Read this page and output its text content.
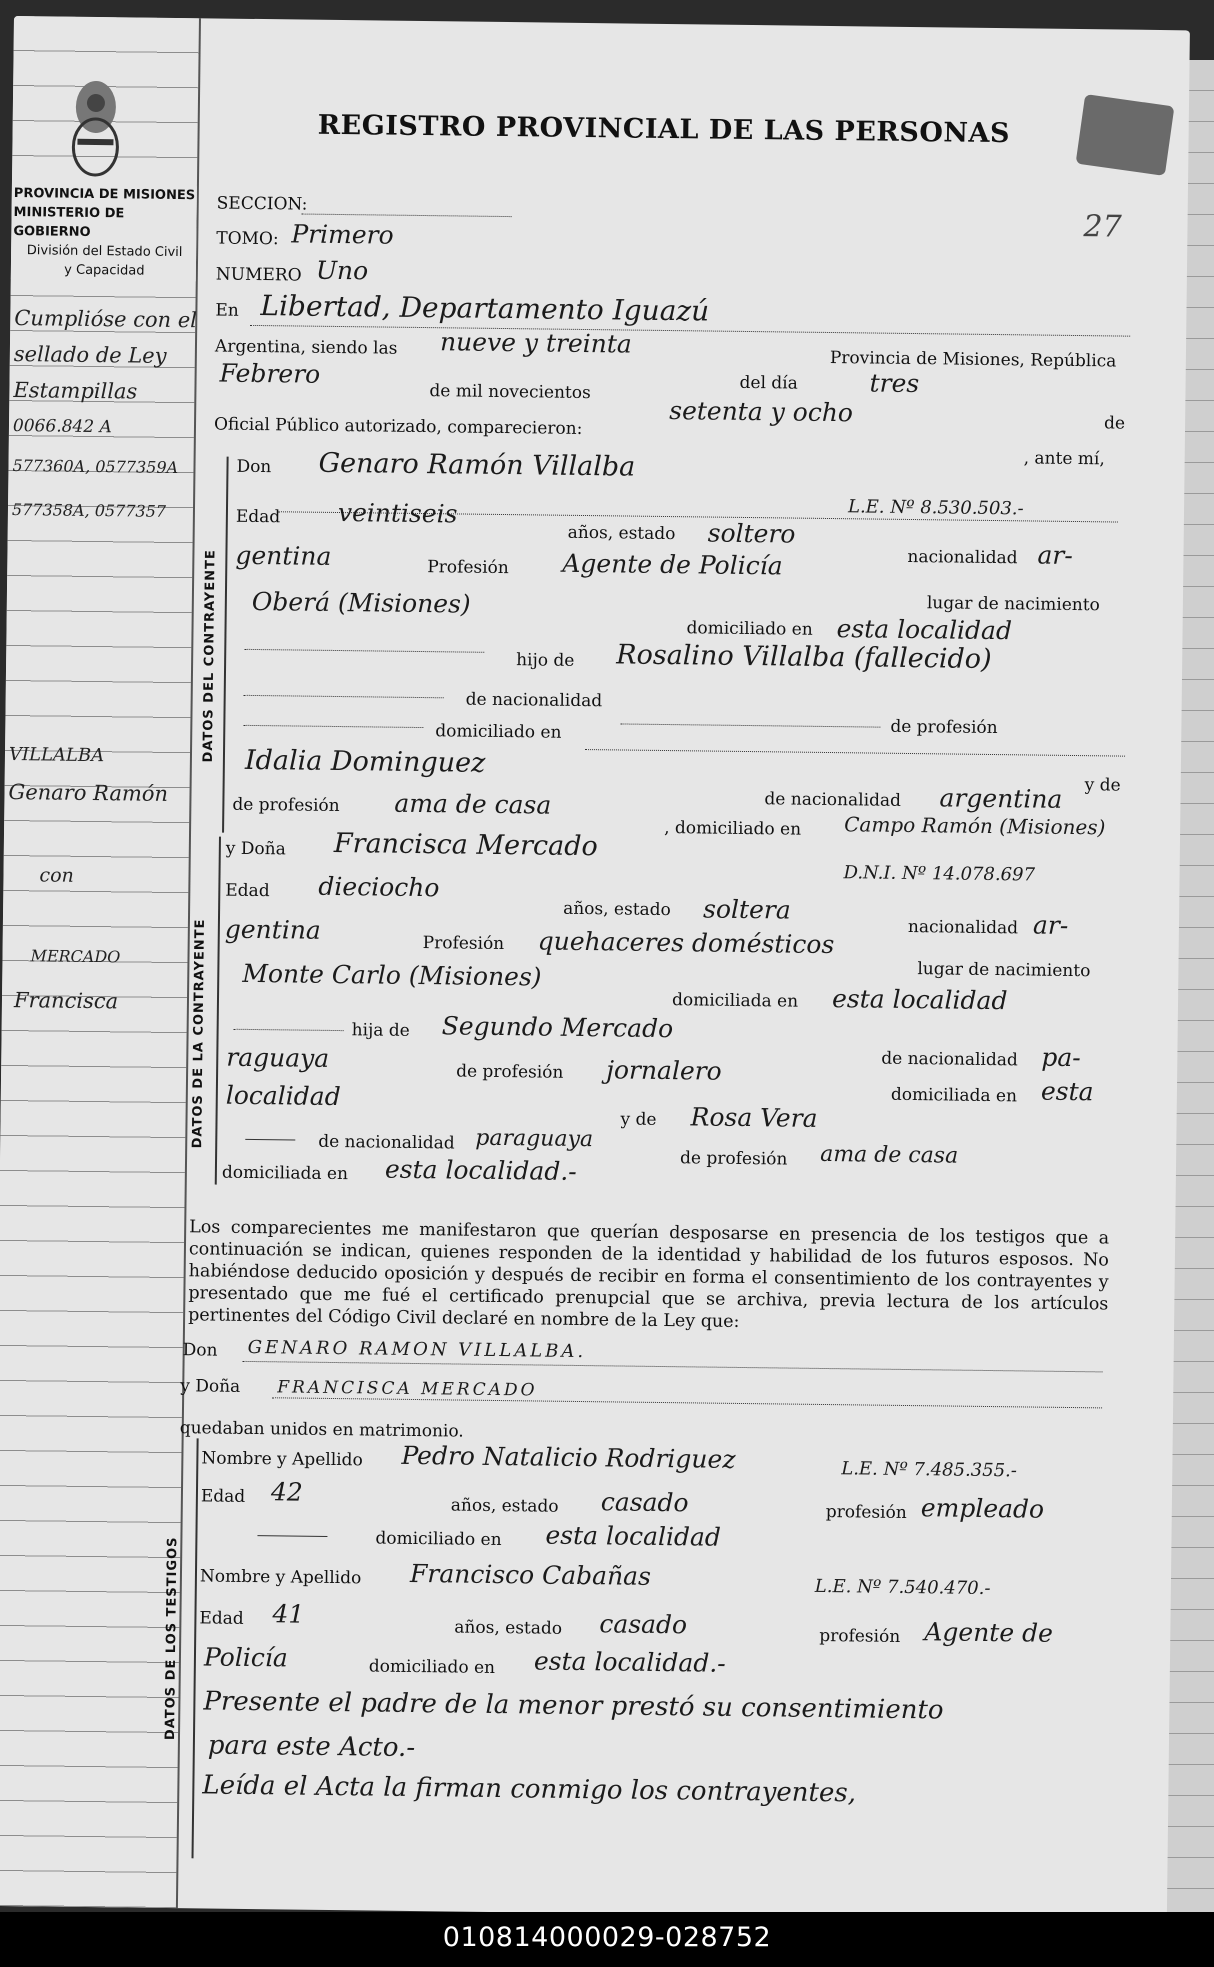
PROVINCIA DE MISIONES
MINISTERIO DE GOBIERNO
División del Estado Civil
y Capacidad
Cumplióse con el
sellado de Ley
Estampillas
0066.842 A
577360A, 0577359A
577358A, 0577357
VILLALBA
Genaro Ramón
con
MERCADO
Francisca
REGISTRO PROVINCIAL DE LAS PERSONAS
27
SECCION:
TOMO: Primero
NUMERO Uno
En Libertad, Departamento Iguazú
Argentina, siendo las nueve y treinta
Provincia de Misiones, República
Febrero
de mil novecientos	del día	tres
setenta y ocho	de
Oficial Público autorizado, comparecieron:
, ante mí,
DATOS DEL CONTRAYENTE
Don Genaro Ramón Villalba
L.E. Nº 8.530.503.-
Edad veintiseis
años, estado soltero
nacionalidad ar-
gentina	Profesión Agente de Policía
lugar de nacimiento
Oberá (Misiones)
domiciliado en esta localidad
hijo de Rosalino Villalba (fallecido)
de nacionalidad
de profesión
domiciliado en
Idalia Dominguez
y de
de nacionalidad argentina
de profesión ama de casa
, domiciliado en Campo Ramón (Misiones)
DATOS DE LA CONTRAYENTE
y Doña Francisca Mercado
D.N.I. Nº 14.078.697
Edad dieciocho
años, estado soltera
nacionalidad ar-
gentina	Profesión quehaceres domésticos
lugar de nacimiento
Monte Carlo (Misiones)
domiciliada en esta localidad
hija de Segundo Mercado
de nacionalidad pa-
raguaya	de profesión jornalero
domiciliada en esta
localidad
y de Rosa Vera
de nacionalidad paraguaya
de profesión ama de casa
domiciliada en esta localidad.-
Los comparecientes me manifestaron que querían desposarse en presencia de los testigos que a continuación se indican, quienes responden de la identidad y habilidad de los futuros esposos. No habiéndose deducido oposición y después de recibir en forma el consentimiento de los contrayentes y presentado que me fué el certificado prenupcial que se archiva, previa lectura de los artículos pertinentes del Código Civil declaré en nombre de la Ley que:
Don GENARO RAMON VILLALBA.
y Doña FRANCISCA MERCADO
quedaban unidos en matrimonio.
DATOS DE LOS TESTIGOS
Nombre y Apellido Pedro Natalicio Rodriguez	L.E. Nº 7.485.355.-
Edad 42	años, estado casado	profesión empleado
domiciliado en esta localidad
Nombre y Apellido Francisco Cabañas	L.E. Nº 7.540.470.-
Edad 41	años, estado casado	profesión Agente de
Policía	domiciliado en esta localidad.-
Presente el padre de la menor prestó su consentimiento
para este Acto.-
Leída el Acta la firman conmigo los contrayentes,
010814000029-028752
